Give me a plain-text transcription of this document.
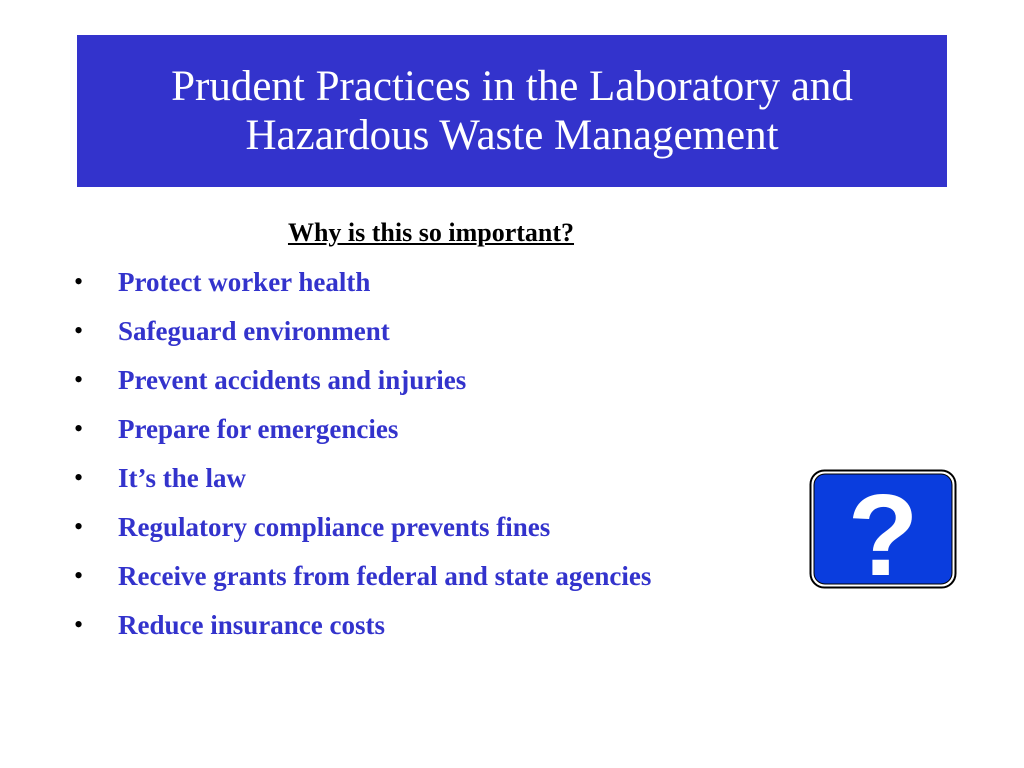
Prudent Practices in the Laboratory and
Hazardous Waste Management
Why is this so important?
• Protect worker health
• Safeguard environment
• Prevent accidents and injuries
• Prepare for emergencies
• It’s the law
• Regulatory compliance prevents fines
• Receive grants from federal and state agencies
• Reduce insurance costs
?
